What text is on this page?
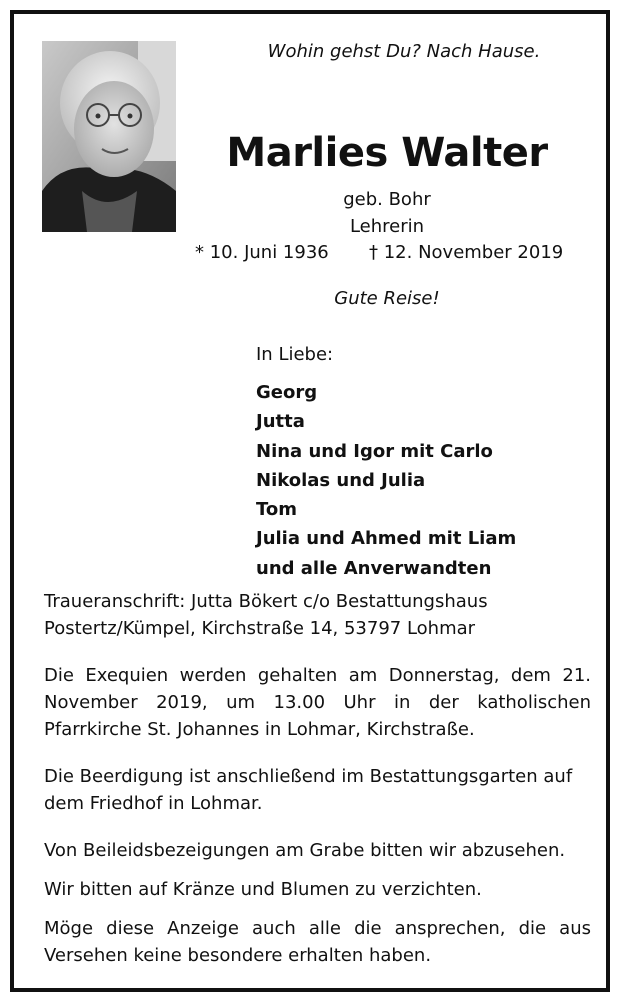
Wohin gehst Du? Nach Hause.
Marlies Walter
geb. Bohr
Lehrerin
* 10. Juni 1936 † 12. November 2019
Gute Reise!
In Liebe:
Georg
Jutta
Nina und Igor mit Carlo
Nikolas und Julia
Tom
Julia und Ahmed mit Liam
und alle Anverwandten
Traueranschrift: Jutta Bökert c/o Bestattungshaus
Postertz/Kümpel, Kirchstraße 14, 53797 Lohmar

Die Exequien werden gehalten am Donnerstag, dem 21. November 2019, um 13.00 Uhr in der katholischen Pfarrkirche St. Johannes in Lohmar, Kirchstraße.

Die Beerdigung ist anschließend im Bestattungsgarten auf dem Friedhof in Lohmar.

Von Beileidsbezeigungen am Grabe bitten wir abzusehen.

Wir bitten auf Kränze und Blumen zu verzichten.

Möge diese Anzeige auch alle die ansprechen, die aus Versehen keine besondere erhalten haben.
